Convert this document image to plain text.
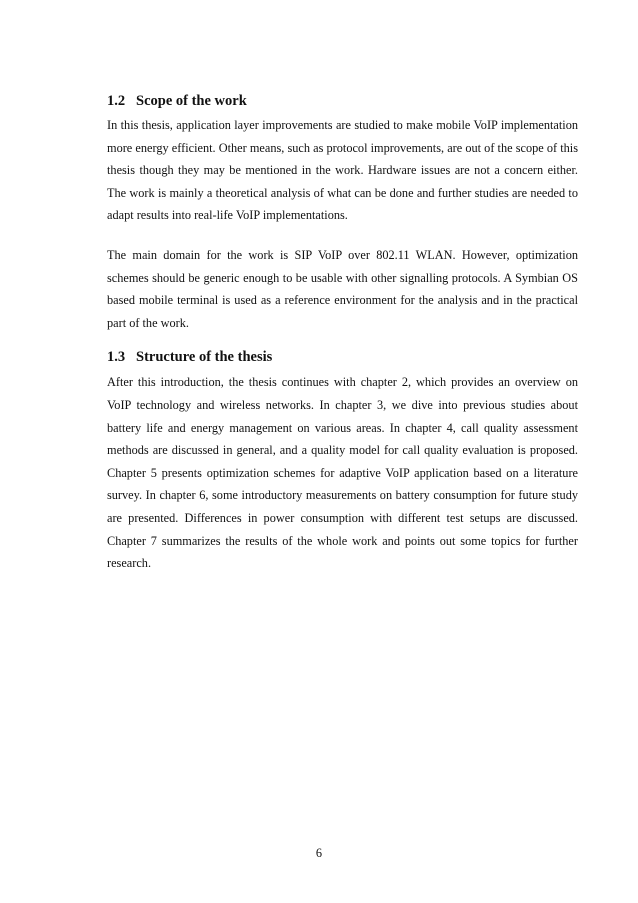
1.2 Scope of the work

In this thesis, application layer improvements are studied to make mobile VoIP implementation more energy efficient. Other means, such as protocol improvements, are out of the scope of this thesis though they may be mentioned in the work. Hardware issues are not a concern either. The work is mainly a theoretical analysis of what can be done and further studies are needed to adapt results into real-life VoIP implementations.

The main domain for the work is SIP VoIP over 802.11 WLAN. However, optimization schemes should be generic enough to be usable with other signalling protocols. A Symbian OS based mobile terminal is used as a reference environment for the analysis and in the practical part of the work.

1.3 Structure of the thesis

After this introduction, the thesis continues with chapter 2, which provides an overview on VoIP technology and wireless networks. In chapter 3, we dive into previous studies about battery life and energy management on various areas. In chapter 4, call quality assessment methods are discussed in general, and a quality model for call quality evaluation is proposed. Chapter 5 presents optimization schemes for adaptive VoIP application based on a literature survey. In chapter 6, some introductory measurements on battery consumption for future study are presented. Differences in power consumption with different test setups are discussed. Chapter 7 summarizes the results of the whole work and points out some topics for further research.

6
